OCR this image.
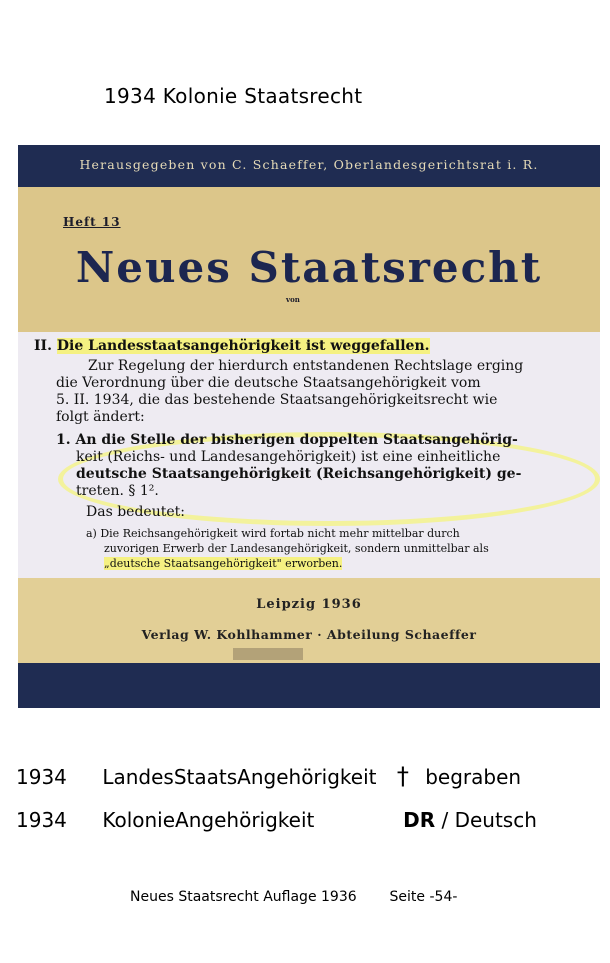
1934 Kolonie Staatsrecht
Herausgegeben von C. Schaeffer, Oberlandesgerichtsrat i. R.
Heft 13
Neues Staatsrecht
von
II. Die Landesstaatsangehörigkeit ist weggefallen.
Zur Regelung der hierdurch entstandenen Rechtslage erging
die Verordnung über die deutsche Staatsangehörigkeit vom
5. II. 1934, die das bestehende Staatsangehörigkeitsrecht wie
folgt ändert:
1. An die Stelle der bisherigen doppelten Staatsangehörig-
keit (Reichs- und Landesangehörigkeit) ist eine einheitliche
deutsche Staatsangehörigkeit (Reichsangehörigkeit) ge-
treten. § 1².
Das bedeutet:
a) Die Reichsangehörigkeit wird fortab nicht mehr mittelbar durch
zuvorigen Erwerb der Landesangehörigkeit, sondern unmittelbar als
„deutsche Staatsangehörigkeit" erworben.
Leipzig 1936
Verlag W. Kohlhammer · Abteilung Schaeffer
1934 LandesStaatsAngehörigkeit † begraben
1934 KolonieAngehörigkeit	DR / Deutsch
Neues Staatsrecht Auflage 1936 Seite -54-
